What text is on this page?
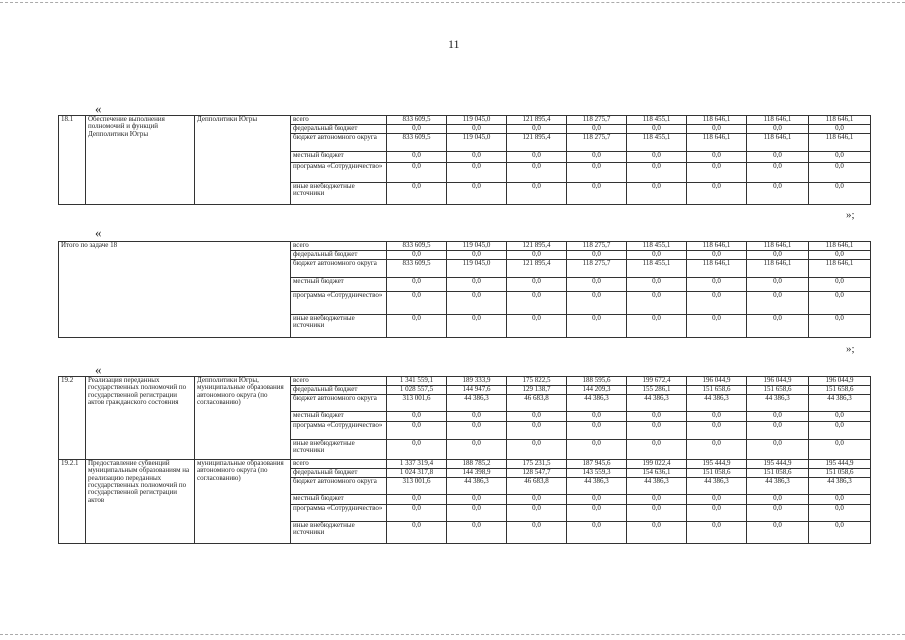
11
«
18.1	Обеспечение выполнения полномочий и функций Депполитики Югры	Депполитики Югры	всего	833 609,5	119 045,0	121 895,4	118 275,7	118 455,1	118 646,1	118 646,1	118 646,1
			федеральный бюджет	0,0	0,0	0,0	0,0	0,0	0,0	0,0	0,0
			бюджет автономного округа	833 609,5	119 045,0	121 895,4	118 275,7	118 455,1	118 646,1	118 646,1	118 646,1
			местный бюджет	0,0	0,0	0,0	0,0	0,0	0,0	0,0	0,0
			программа «Сотрудничество»	0,0	0,0	0,0	0,0	0,0	0,0	0,0	0,0
			иные внебюджетные источники	0,0	0,0	0,0	0,0	0,0	0,0	0,0	0,0
»;
«
Итого по задаче 18	всего	833 609,5	119 045,0	121 895,4	118 275,7	118 455,1	118 646,1	118 646,1	118 646,1
	федеральный бюджет	0,0	0,0	0,0	0,0	0,0	0,0	0,0	0,0
	бюджет автономного округа	833 609,5	119 045,0	121 895,4	118 275,7	118 455,1	118 646,1	118 646,1	118 646,1
	местный бюджет	0,0	0,0	0,0	0,0	0,0	0,0	0,0	0,0
	программа «Сотрудничество»	0,0	0,0	0,0	0,0	0,0	0,0	0,0	0,0
	иные внебюджетные источники	0,0	0,0	0,0	0,0	0,0	0,0	0,0	0,0
»;
«
19.2	Реализация переданных государственных полномочий по государственной регистрации актов гражданского состояния	Депполитики Югры, муниципальные образования автономного округа (по согласованию)	всего	1 341 559,1	189 333,9	175 822,5	188 595,6	199 672,4	196 044,9	196 044,9	196 044,9
			федеральный бюджет	1 028 557,5	144 947,6	129 138,7	144 209,3	155 286,1	151 658,6	151 658,6	151 658,6
			бюджет автономного округа	313 001,6	44 386,3	46 683,8	44 386,3	44 386,3	44 386,3	44 386,3	44 386,3
			местный бюджет	0,0	0,0	0,0	0,0	0,0	0,0	0,0	0,0
			программа «Сотрудничество»	0,0	0,0	0,0	0,0	0,0	0,0	0,0	0,0
			иные внебюджетные источники	0,0	0,0	0,0	0,0	0,0	0,0	0,0	0,0
19.2.1	Предоставление субвенций муниципальным образованиям на реализацию переданных государственных полномочий по государственной регистрации актов	муниципальные образования автономного округа (по согласованию)	всего	1 337 319,4	188 785,2	175 231,5	187 945,6	199 022,4	195 444,9	195 444,9	195 444,9
			федеральный бюджет	1 024 317,8	144 398,9	128 547,7	143 559,3	154 636,1	151 058,6	151 058,6	151 058,6
			бюджет автономного округа	313 001,6	44 386,3	46 683,8	44 386,3	44 386,3	44 386,3	44 386,3	44 386,3
			местный бюджет	0,0	0,0	0,0	0,0	0,0	0,0	0,0	0,0
			программа «Сотрудничество»	0,0	0,0	0,0	0,0	0,0	0,0	0,0	0,0
			иные внебюджетные источники	0,0	0,0	0,0	0,0	0,0	0,0	0,0	0,0
